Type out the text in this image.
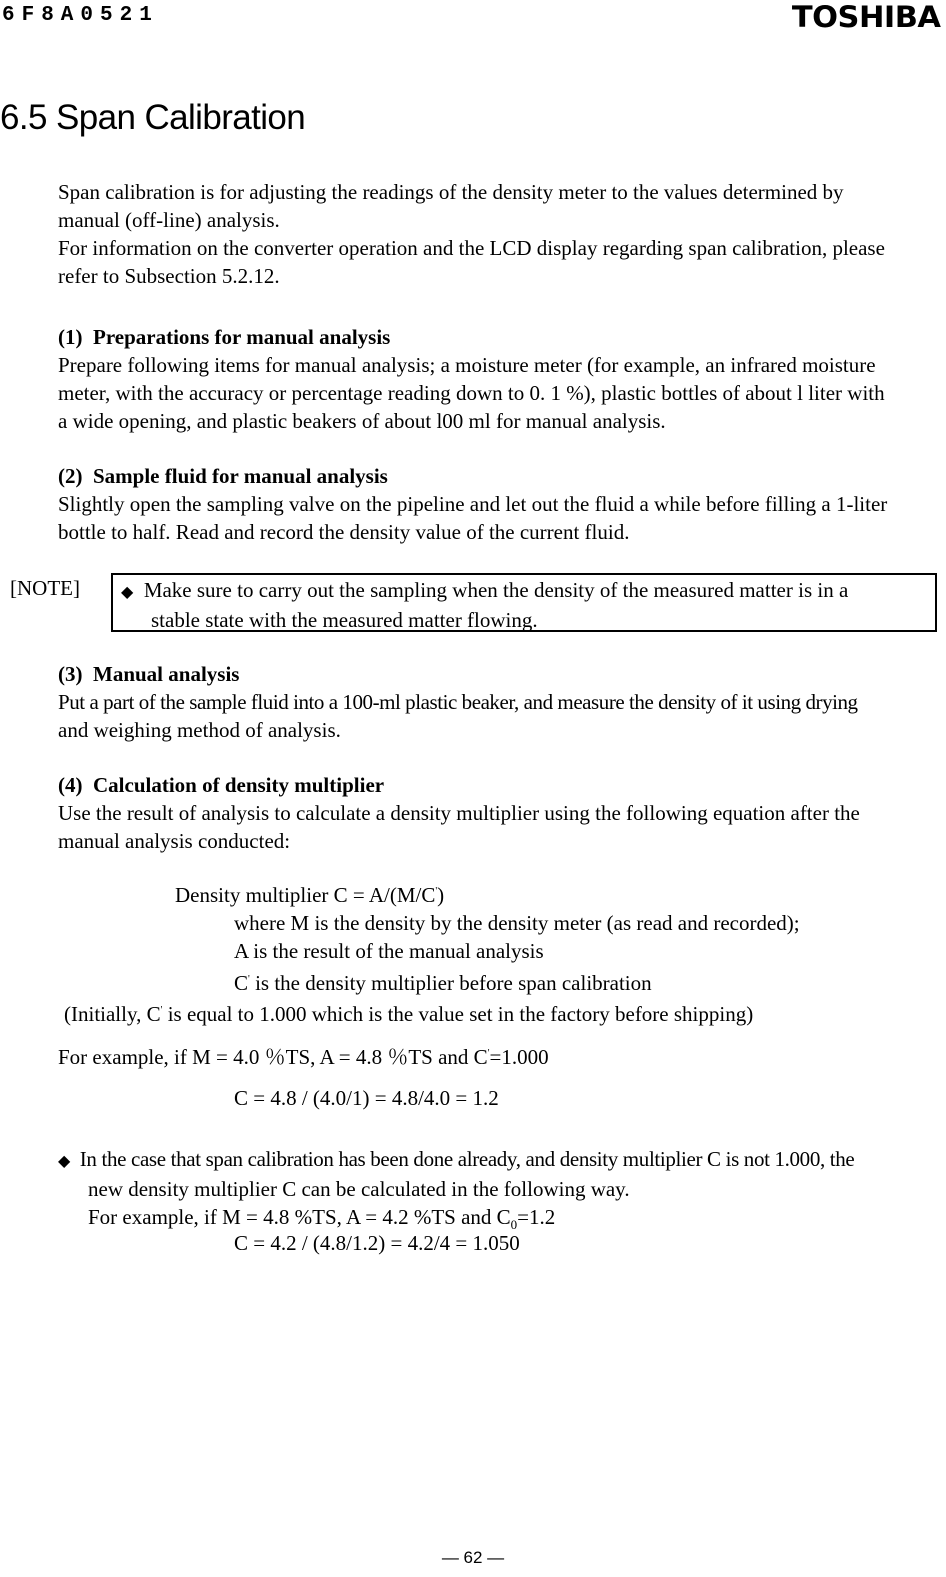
6F8A0521	TOSHIBA
6.5 Span Calibration
Span calibration is for adjusting the readings of the density meter to the values determined by
manual (off-line) analysis.
For information on the converter operation and the LCD display regarding span calibration, please
refer to Subsection 5.2.12.
(1) Preparations for manual analysis
Prepare following items for manual analysis; a moisture meter (for example, an infrared moisture
meter, with the accuracy or percentage reading down to 0. 1 %), plastic bottles of about l liter with
a wide opening, and plastic beakers of about l00 ml for manual analysis.
(2) Sample fluid for manual analysis
Slightly open the sampling valve on the pipeline and let out the fluid a while before filling a 1-liter
bottle to half. Read and record the density value of the current fluid.
[NOTE]	◆ Make sure to carry out the sampling when the density of the measured matter is in a
stable state with the measured matter flowing.
(3) Manual analysis
Put a part of the sample fluid into a 100-ml plastic beaker, and measure the density of it using drying
and weighing method of analysis.
(4) Calculation of density multiplier
Use the result of analysis to calculate a density multiplier using the following equation after the
manual analysis conducted:
Density multiplier C = A/(M/C')
where M is the density by the density meter (as read and recorded);
A is the result of the manual analysis
C' is the density multiplier before span calibration
(Initially, C' is equal to 1.000 which is the value set in the factory before shipping)
For example, if M = 4.0 ％TS, A = 4.8 ％TS and C'=1.000
C = 4.8 / (4.0/1) = 4.8/4.0 = 1.2
◆ In the case that span calibration has been done already, and density multiplier C is not 1.000, the
new density multiplier C can be calculated in the following way.
For example, if M = 4.8 %TS, A = 4.2 %TS and $C_0=1.2$
C = 4.2 / (4.8/1.2) = 4.2/4 = 1.050
— 62 —
